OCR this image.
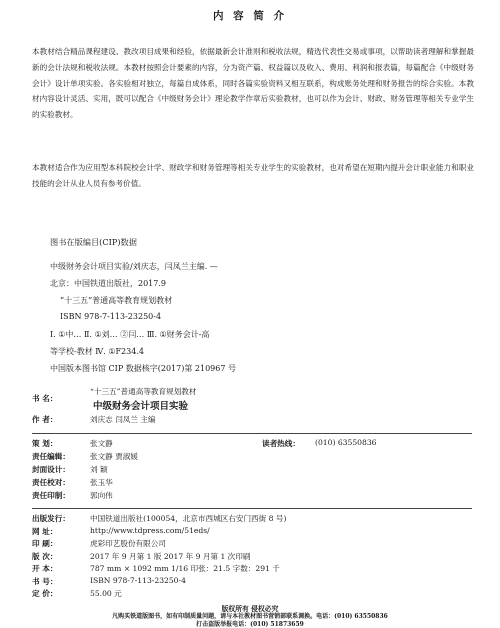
内 容 简 介
本教材结合精品课程建设、教改项目成果和经验，依据最新会计准则和税收法规，精选代表性交易或事项，以帮助读者理解和掌握最新的会计法规和税收法规。本教材按照会计要素的内容，分为资产篇、权益篇以及收入、费用、利润和报表篇，每篇配合《中级财务会计》设计单项实验。各实验相对独立，每篇自成体系，同时各篇实验资料又相互联系，构成账务处理和财务报告的综合实验。本教材内容设计灵活、实用，既可以配合《中级财务会计》理论教学作章后实验教材，也可以作为会计、财政、财务管理等相关专业学生的实验教材。
本教材适合作为应用型本科院校会计学、财政学和财务管理等相关专业学生的实验教材，也对希望在短期内提升会计职业能力和职业技能的会计从业人员有参考价值。
图书在版编目(CIP)数据
中级财务会计项目实验/刘庆志，闫凤兰主编. —
北京：中国铁道出版社，2017.9
“十三五”普通高等教育规划教材
ISBN 978-7-113-23250-4
Ⅰ. ①中… Ⅱ. ①刘… ②闫… Ⅲ. ①财务会计-高
等学校-教材 Ⅳ. ①F234.4
中国版本图书馆 CIP 数据核字(2017)第 210967 号
书 名：
“十三五”普通高等教育规划教材
中级财务会计项目实验
作 者：	刘庆志 闫凤兰 主编
策 划：	张文静	读者热线： (010) 63550836
责任编辑：	张文静 贾淑媛
封面设计：	刘 颖
责任校对：	张玉华
责任印制：	郭向伟
出版发行：	中国铁道出版社(100054，北京市西城区右安门西街 8 号)
网 址：	http://www.tdpress.com/51eds/
印 刷：	虎彩印艺股份有限公司
版 次：	2017 年 9 月第 1 版 2017 年 9 月第 1 次印刷
开 本：	787 mm × 1092 mm 1/16 印张：21.5 字数：291 千
书 号：	ISBN 978-7-113-23250-4
定 价：	55.00 元
版权所有 侵权必究
凡购买铁道版图书，如有印制质量问题，请与本社教材图书营销部联系调换。电话：(010) 63550836
打击盗版举报电话：(010) 51873659
